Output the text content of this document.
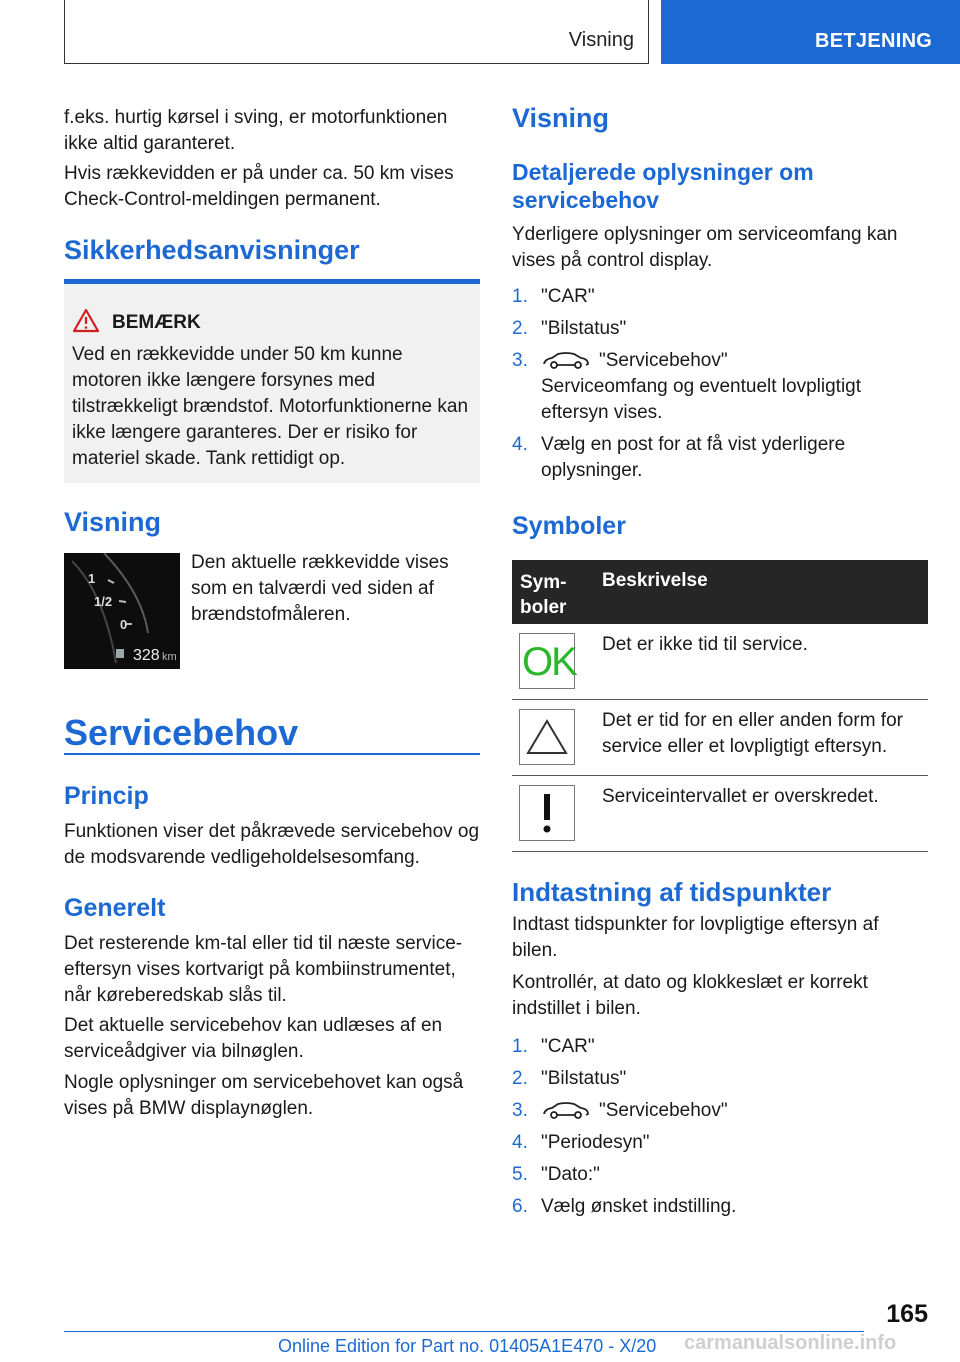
Visning	BETJENING

f.eks. hurtig kørsel i sving, er motorfunktionen ikke altid garanteret.

Hvis rækkevidden er på under ca. 50 km vises Check-Control-meldingen permanent.

Sikkerhedsanvisninger
BEMÆRK

Ved en rækkevidde under 50 km kunne motoren ikke længere forsynes med tilstrækkeligt brændstof. Motorfunktionerne kan ikke længere garanteres. Der er risiko for materiel skade. Tank rettidigt op.

Visning
1
1/2
0
328 km

Den aktuelle rækkevidde vises som en talværdi ved siden af brændstofmåleren.

Servicebehov
Princip

Funktionen viser det påkrævede servicebehov og de modsvarende vedligeholdelsesomfang.

Generelt

Det resterende km-tal eller tid til næste service-eftersyn vises kortvarigt på kombiinstrumentet, når køreberedskab slås til.

Det aktuelle servicebehov kan udlæses af en serviceådgiver via bilnøglen.

Nogle oplysninger om servicebehovet kan også vises på BMW displaynøglen.

Visning
Detaljerede oplysninger om servicebehov

Yderligere oplysninger om serviceomfang kan vises på control display.

1. "CAR"
2. "Bilstatus"
3.	"Servicebehov"
Serviceomfang og eventuelt lovpligtigt eftersyn vises.
4. Vælg en post for at få vist yderligere oplysninger.
Symboler
Sym-boler
Beskrivelse
OK Det er ikke tid til service.
Det er tid for en eller anden form for service eller et lovpligtigt eftersyn.
Serviceintervallet er overskredet.
Indtastning af tidspunkter

Indtast tidspunkter for lovpligtige eftersyn af bilen.

Kontrollér, at dato og klokkeslæt er korrekt indstillet i bilen.

1. "CAR"
2. "Bilstatus"
3.	"Servicebehov"
4. "Periodesyn"
5. "Dato:"
6. Vælg ønsket indstilling.
165
Online Edition for Part no. 01405A1E470 - X/20 carmanualsonline.info
